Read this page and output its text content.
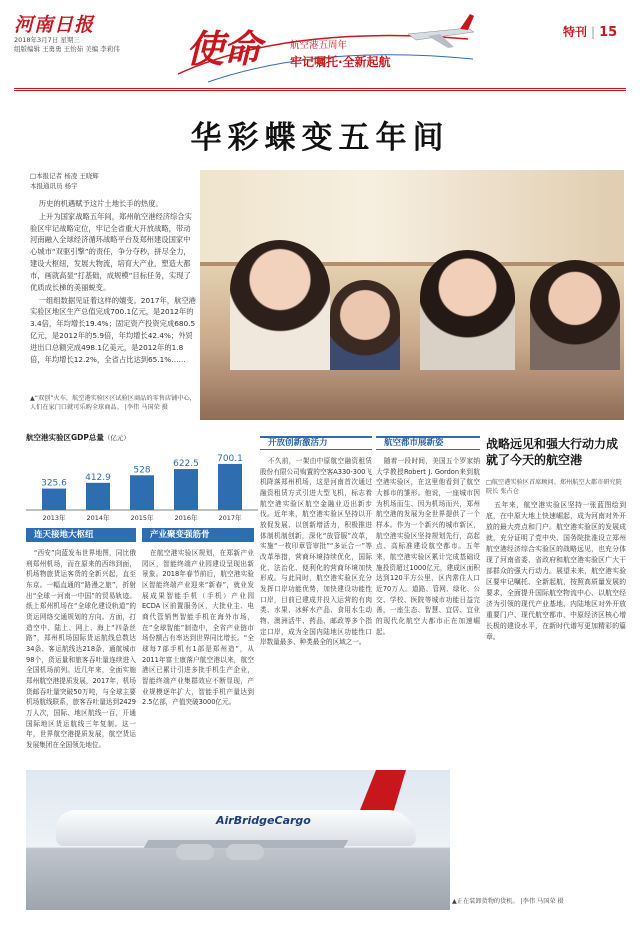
河南日报
2018年3月7日 星期三
组版编辑 王勇勇 王怡茹 美编 李莉伟 使命	航空港五周年
牢记嘱托·全新起航
特刊 | 15
华彩蝶变五年间
□本报记者 杨凌 王晓辉
本报通讯员 杨宇

历史的机遇赋予这片土地长手的热度。

上升为国家战略五年间，郑州航空港经济综合实验区牢记战略定位，牢记全省重大开放战略，带动河南融入全球经济循环战略平台及郑州建设国家中心城市“双驱引擎”的责任，争分夺秒，拼尽全力，建设大枢纽，发展大物流，培育大产业，塑造大都市，画就高显“打基础，成规模”目标任务，实现了优质成长梯的美丽蜕变。

一组组数据见证着这样的嬗变。2017年，航空港实验区地区生产总值完成700.1亿元，是2012年的3.4倍，年均增长19.4%；固定资产投资完成680.5亿元，是2012年的5.9倍，年均增长42.4%；外贸进出口总额完成498.1亿美元，是2012年的1.8倍，年均增长12.2%，全省占比达到65.1%……

▲“双创”火车，航空港实验区区试验区商品的零售店铺中心，人们在家门口就可乐购全球商品。 |李伟 马国荣 摄
航空港实验区GDP总量（亿元）
325.6
2013年
412.9
2014年
528
2015年
622.5
2016年
700.1
2017年
连天接地大枢纽	产业聚变强筋骨
开放创新激活力	航空都市展新姿

“西安”向蓝发布世界地图，同比俄刑郑州机场，而在原来的西纬到面，机场物旅货运客货的全新兴起，直至东京。一幅直通的“路漫之旅”，折射出“全球一河南一中国”的贸易轨迹。纸上郑州机场在“全球化建设轨道”的货运网络交通规划的方向。方面，打造空中、陆上、网上、海上“四条丝路”，郑州机场国际货运航线总数达34条、客运航线达218条，通航城市98个，货运量和旅客吞吐量连续进入全国机场前列。近几年来，全面实施郑州航空港提质发展，2017年，机场货邮吞吐量突破50万吨，与全球主要机场航线联系，旅客吞吐量达到2429万人次，国际、地区航线一百，开通国际地区货运航线三年复制。这一年，世界航空港提质发展，航空货运发展集团在全国领先地位。

在航空港实验区规划，在郑新产业园区，智能终端产业园建设呈现出新景象。2018年春节前后，航空港实验区智能终端产业迎来“新春”，就业发展成果智能手机（手机）产业园 ECDA 区前置服务区，大批业主、电商代管销售智能手机在海外市场，在“全球智能”制造中，全省产业链市场份额占有率达到世界同比增长。“全球每7部手机有1部是郑州造”，从2011年富士康落户航空港以来，航空港区已累计引进多批手机生产企业，智能终端产业集群效应不断显现，产业规模逐年扩大，智能手机产量达到2.5亿部，产值突破3000亿元。

不久前，一架由中原航空融资租赁股份有限公司购置的空客A330-300飞机降落郑州机场，这是河南首次通过融资租赁方式引进大型飞机，标志着航空港实验区航空金融业迈出新步伐。近年来，航空港实验区坚持以开放促发展、以创新增活力，积极推进体制机制创新，深化“放管服”改革，实施“一枚印章管审批”“多证合一”等改革举措，营商环境持续优化，国际化、法治化、便利化的营商环境加快形成。与此同时，航空港实验区充分发挥口岸功能优势，加快建设功能性口岸，目前已建成并投入运营的有肉类、水果、冰鲜水产品、食用水生动物、澳洲活牛、药品、邮政等多个指定口岸，成为全国内陆地区功能性口岸数量最多、种类最全的区域之一。

随着一段时间，美国五个罗家纳大学教授Robert J. Gordon来到航空港实验区，在这里他看到了航空大都市的雏形。他说，一座城市因为机场而生、因为机场而兴，郑州航空港的发展为全世界提供了一个样本。作为一个新兴的城市新区，航空港实验区坚持规划先行，高起点、高标准建设航空都市。五年来，航空港实验区累计完成基础设施投资超过1000亿元，建成区面积达到120平方公里，区内常住人口近70万人。道路、管网、绿化、公交、学校、医院等城市功能日益完善，一座生态、智慧、宜居、宜业的现代化航空大都市正在加速崛起。

战略远见和强大行动力成就了今天的航空港
□航空港实验区首席顾问、郑州航空大都市研究院院长 张占仓

五年来，航空港实验区坚持一张蓝图绘到底，在中原大地上快速崛起，成为河南对外开放的最大亮点和门户。航空港实验区的发展成就，充分证明了党中央、国务院批准设立郑州航空港经济综合实验区的战略远见，也充分体现了河南省委、省政府和航空港实验区广大干部群众的强大行动力。展望未来，航空港实验区要牢记嘱托、全新起航，按照高质量发展的要求，全面提升国际航空物流中心、以航空经济为引领的现代产业基地、内陆地区对外开放重要门户、现代航空都市、中原经济区核心增长极的建设水平，在新时代谱写更加精彩的篇章。

AirBridgeCargo
▲正在装卸货物的货机。 |李伟 马国荣 摄
